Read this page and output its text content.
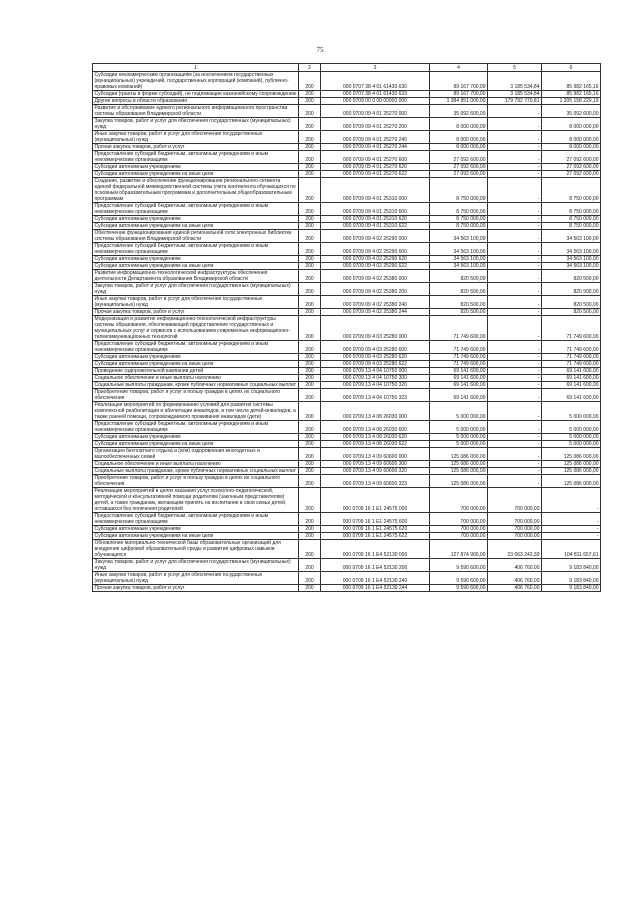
75
1	2	3	4	5	6
Субсидии некоммерческим организациям (за исключением государственных (муниципальных) учреждений, государственных корпораций (компаний), публично-правовых компаний)	200	000 0707 38 4 01 61430 630	89 167 700,00	3 185 534,84	85 982 165,16
Субсидии (гранты в форме субсидий), не подлежащие казначейскому сопровождению	200	000 0707 38 4 01 61430 633	89 167 700,00	3 185 534,84	85 982 165,16
Другие вопросы в области образования	200	000 0709 00 0 00 00000 000	1 384 951 000,00	179 792 770,81	1 205 158 229,19
Развитие и обслуживание единого регионального информационного пространства системы образования Владимирской области	200	000 0709 09 4 01 25270 000	35 092 600,00	-	35 092 600,00
Закупка товаров, работ и услуг для обеспечения государственных (муниципальных) нужд	200	000 0709 09 4 01 25270 200	8 000 000,00	-	8 000 000,00
Иные закупки товаров, работ и услуг для обеспечения государственных (муниципальных) нужд	200	000 0709 09 4 01 25270 240	8 000 000,00	-	8 000 000,00
Прочая закупка товаров, работ и услуг	200	000 0709 09 4 01 25270 244	8 000 000,00	-	8 000 000,00
Предоставление субсидий бюджетным, автономным учреждениям и иным некоммерческим организациям	200	000 0709 09 4 01 25270 600	27 092 600,00	-	27 092 600,00
Субсидии автономным учреждениям	200	000 0709 09 4 01 25270 620	27 092 600,00	-	27 092 600,00
Субсидии автономным учреждениям на иные цели	200	000 0709 09 4 01 25270 622	27 092 600,00	-	27 092 600,00
Создание, развитие и обеспечение функционирования регионального сегмента единой федеральной межведомственной системы учета контингента обучающихся по основным образовательным программам и дополнительным общеобразовательным программам	200	000 0709 09 4 01 25310 000	8 750 000,00	-	8 750 000,00
Предоставление субсидий бюджетным, автономным учреждениям и иным некоммерческим организациям	200	000 0709 09 4 01 25310 600	8 750 000,00	-	8 750 000,00
Субсидии автономным учреждениям	200	000 0709 09 4 01 25310 620	8 750 000,00	-	8 750 000,00
Субсидии автономным учреждениям на иные цели	200	000 0709 09 4 01 25310 622	8 750 000,00	-	8 750 000,00
Обеспечение функционирования единой региональной сети электронных библиотек системы образования Владимирской области	200	000 0709 09 4 02 25290 000	34 563 100,00	-	34 563 100,00
Предоставление субсидий бюджетным, автономным учреждениям и иным некоммерческим организациям	200	000 0709 09 4 02 25290 600	34 563 100,00	-	34 563 100,00
Субсидии автономным учреждениям	200	000 0709 09 4 02 25290 620	34 563 100,00	-	34 563 100,00
Субсидии автономным учреждениям на иные цели	200	000 0709 09 4 02 25290 622	34 563 100,00	-	34 563 100,00
Развитие информационно-технологической инфраструктуры обеспечения деятельности Департамента образования Владимирской области	200	000 0709 09 4 02 25380 000	820 500,00	-	820 500,00
Закупка товаров, работ и услуг для обеспечения государственных (муниципальных) нужд	200	000 0709 09 4 02 25380 200	820 500,00	-	820 500,00
Иные закупки товаров, работ и услуг для обеспечения государственных (муниципальных) нужд	200	000 0709 09 4 02 25380 240	820 500,00	-	820 500,00
Прочая закупка товаров, работ и услуг	200	000 0709 09 4 02 25380 244	820 500,00	-	820 500,00
Модернизация и развитие информационно-технологической инфраструктуры системы образования, обеспечивающей предоставление государственных и муниципальных услуг и сервисов с использованием современных информационно-телекоммуникационных технологий	200	000 0709 09 4 03 25280 000	71 749 600,00	-	71 749 600,00
Предоставление субсидий бюджетным, автономным учреждениям и иным некоммерческим организациям	200	000 0709 09 4 03 25280 600	71 749 600,00	-	71 749 600,00
Субсидии автономным учреждениям	200	000 0709 09 4 03 25280 620	71 749 600,00	-	71 749 600,00
Субсидии автономным учреждениям на иные цели	200	000 0709 09 4 03 25280 622	71 749 600,00	-	71 749 600,00
Проведение оздоровительной кампании детей	200	000 0709 13 4 04 10750 000	69 141 600,00	-	69 141 600,00
Социальное обеспечение и иные выплаты населению	200	000 0709 13 4 04 10750 300	69 141 600,00	-	69 141 600,00
Социальные выплаты гражданам, кроме публичных нормативных социальных выплат	200	000 0709 13 4 04 10750 320	69 141 600,00	-	69 141 600,00
Приобретение товаров, работ и услуг в пользу граждан в целях их социального обеспечения	200	000 0709 13 4 04 10750 323	69 141 600,00	-	69 141 600,00
Реализация мероприятий по формированию условий для развития системы комплексной реабилитации и абилитации инвалидов, в том числе детей-инвалидов, а также ранней помощи, сопровождаемого проживания инвалидов (дети)	200	000 0709 13 4 08 26030 000	5 000 000,00	-	5 000 000,00
Предоставление субсидий бюджетным, автономным учреждениям и иным некоммерческим организациям	200	000 0709 13 4 08 26030 600	5 000 000,00	-	5 000 000,00
Субсидии автономным учреждениям	200	000 0709 13 4 08 26030 620	5 000 000,00	-	5 000 000,00
Субсидии автономным учреждениям на иные цели	200	000 0709 13 4 08 26030 622	5 000 000,00	-	5 000 000,00
Организация бесплатного отдыха и (или) оздоровления многодетных и малообеспеченных семей	200	000 0709 13 4 09 60600 000	125 086 000,00	-	125 086 000,00
Социальное обеспечение и иные выплаты населению	200	000 0709 13 4 09 60600 300	125 086 000,00	-	125 086 000,00
Социальные выплаты гражданам, кроме публичных нормативных социальных выплат	200	000 0709 13 4 09 60600 320	125 086 000,00	-	125 086 000,00
Приобретение товаров, работ и услуг в пользу граждан в целях их социального обеспечения	200	000 0709 13 4 09 60600 323	125 086 000,00	-	125 086 000,00
Реализация мероприятий в целях оказания услуг психолого-педагогической, методической и консультативной помощи родителям (законным представителям) детей, а также гражданам, желающим принять на воспитание в свои семьи детей, оставшихся без попечения родителей	200	000 0709 16 1 E1 24575 000	700 000,00	700 000,00	-
Предоставление субсидий бюджетным, автономным учреждениям и иным некоммерческим организациям	200	000 0709 16 1 E1 24575 600	700 000,00	700 000,00	-
Субсидии автономным учреждениям	200	000 0709 16 1 E1 24575 620	700 000,00	700 000,00	-
Субсидии автономным учреждениям на иные цели	200	000 0709 16 1 E1 24575 622	700 000,00	700 000,00	-
Обновление материально-технической базы образовательных организаций для внедрения цифровой образовательной среды и развития цифровых навыков обучающихся	200	000 0709 16 1 E4 52130 000	127 874 900,00	23 063 242,39	104 811 657,61
Закупка товаров, работ и услуг для обеспечения государственных (муниципальных) нужд	200	000 0709 16 1 E4 52130 200	9 590 600,00	406 760,00	9 183 840,00
Иные закупки товаров, работ и услуг для обеспечения государственных (муниципальных) нужд	200	000 0709 16 1 E4 52130 240	9 590 600,00	406 760,00	9 183 840,00
Прочая закупка товаров, работ и услуг	200	000 0709 16 1 E4 52130 244	9 590 600,00	406 760,00	9 183 840,00
